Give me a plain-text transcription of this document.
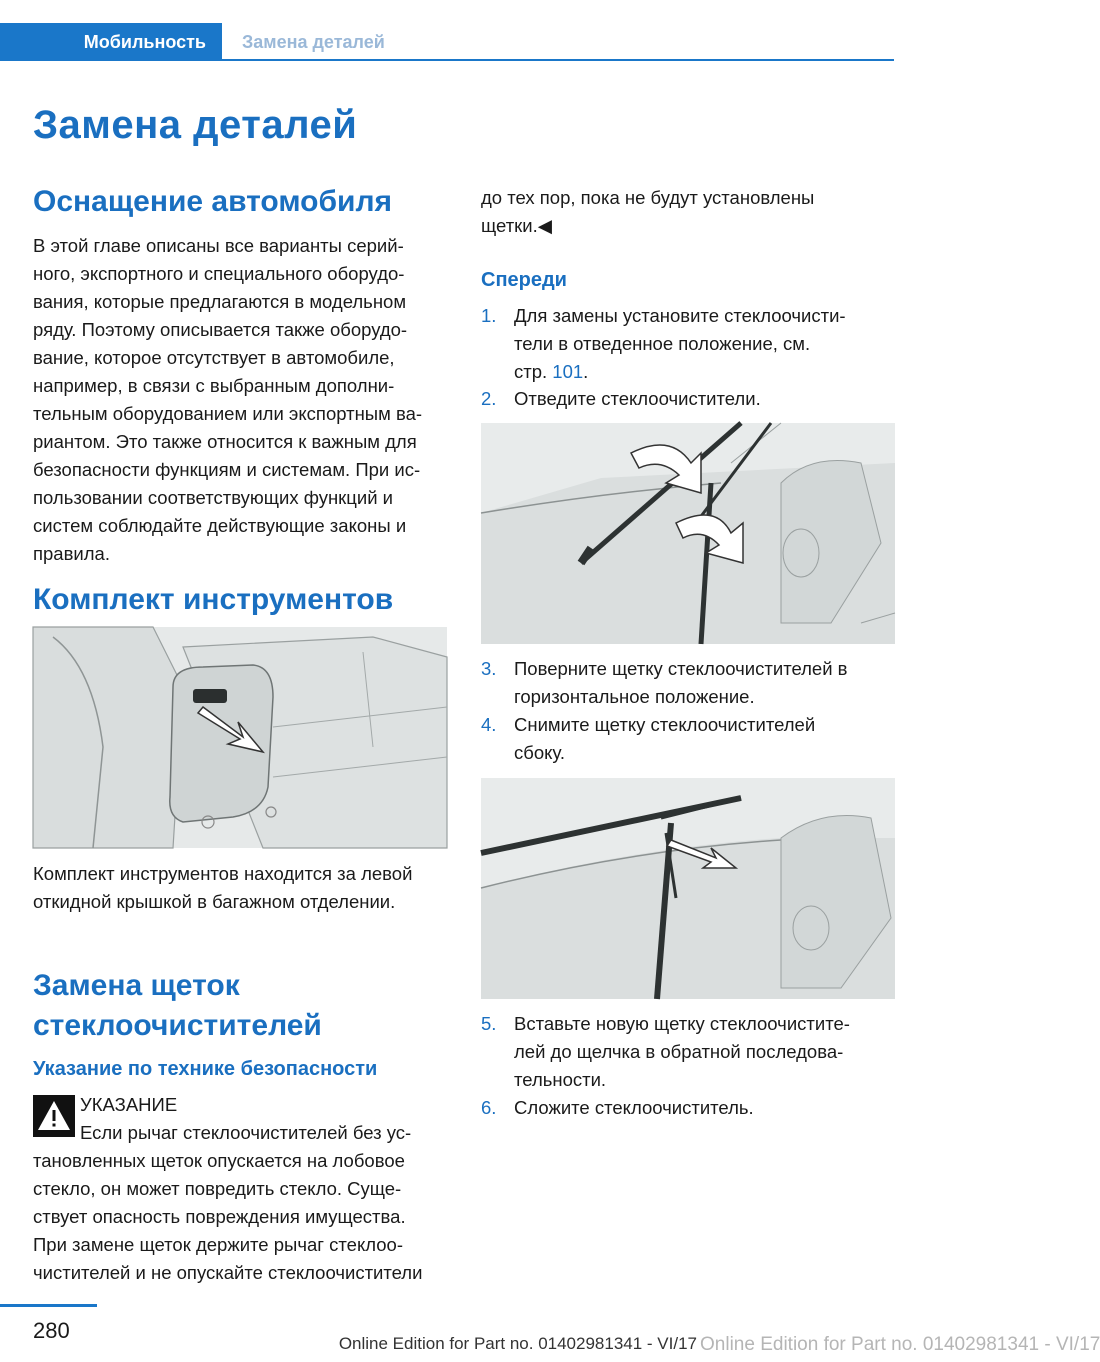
Мобильность Замена деталей
Замена деталей
Оснащение автомобиля

В этой главе описаны все варианты серий-
ного, экспортного и специального оборудо-
вания, которые предлагаются в модельном
ряду. Поэтому описывается также оборудо-
вание, которое отсутствует в автомобиле,
например, в связи с выбранным дополни-
тельным оборудованием или экспортным ва-
риантом. Это также относится к важным для
безопасности функциям и системам. При ис-
пользовании соответствующих функций и
систем соблюдайте действующие законы и
правила.

Комплект инструментов

Комплект инструментов находится за левой
откидной крышкой в багажном отделении.

Замена щеток
стеклоочистителей
Указание по технике безопасности
УКАЗАНИЕ

Если рычаг стеклоочистителей без ус-

тановленных щеток опускается на лобовое
стекло, он может повредить стекло. Суще-
ствует опасность повреждения имущества.
При замене щеток держите рычаг стеклоо-
чистителей и не опускайте стеклоочистители

до тех пор, пока не будут установлены
щетки.◀

Спереди
1. Для замены установите стеклоочисти-
тели в отведенное положение, см.
стр. 101.
2. Отведите стеклоочистители.
3. Поверните щетку стеклоочистителей в
горизонтальное положение.
4. Снимите щетку стеклоочистителей
сбоку.
5. Вставьте новую щетку стеклоочистите-
лей до щелчка в обратной последова-
тельности.
6. Сложите стеклоочиститель.
280
Online Edition for Part no. 01402981341 - VI/17 Online Edition for Part no. 01402981341 - VI/17
